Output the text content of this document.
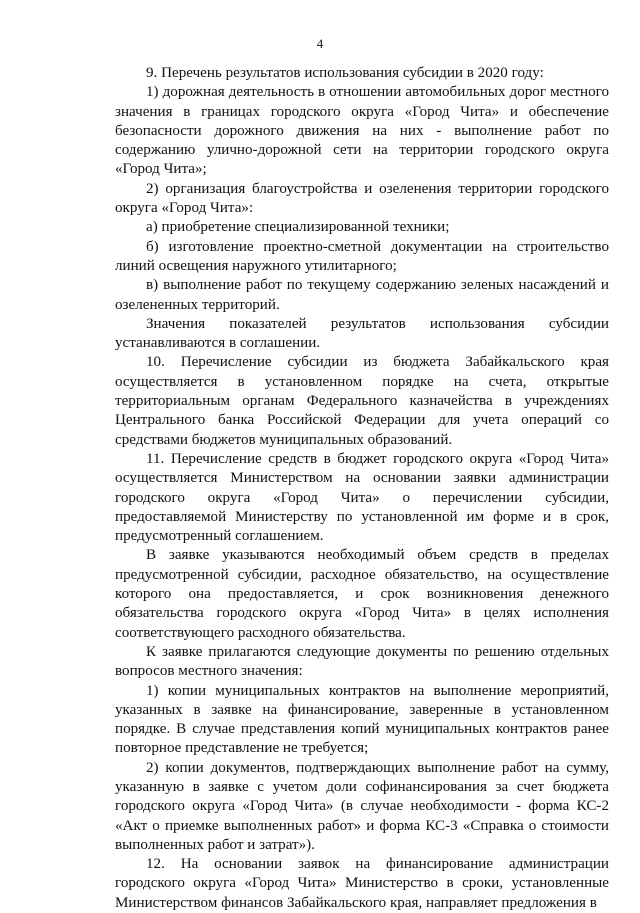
4

9. Перечень результатов использования субсидии в 2020 году:

1) дорожная деятельность в отношении автомобильных дорог местного значения в границах городского округа «Город Чита» и обеспечение безопасности дорожного движения на них - выполнение работ по содержанию улично-дорожной сети на территории городского округа «Город Чита»;

2) организация благоустройства и озеленения территории городского округа «Город Чита»:

а) приобретение специализированной техники;

б) изготовление проектно-сметной документации на строительство линий освещения наружного утилитарного;

в) выполнение работ по текущему содержанию зеленых насаждений и озелененных территорий.

Значения показателей результатов использования субсидии устанавливаются в соглашении.

10. Перечисление субсидии из бюджета Забайкальского края осуществляется в установленном порядке на счета, открытые территориальным органам Федерального казначейства в учреждениях Центрального банка Российской Федерации для учета операций со средствами бюджетов муниципальных образований.

11. Перечисление средств в бюджет городского округа «Город Чита» осуществляется Министерством на основании заявки администрации городского округа «Город Чита» о перечислении субсидии, предоставляемой Министерству по установленной им форме и в срок, предусмотренный соглашением.

В заявке указываются необходимый объем средств в пределах предусмотренной субсидии, расходное обязательство, на осуществление которого она предоставляется, и срок возникновения денежного обязательства городского округа «Город Чита» в целях исполнения соответствующего расходного обязательства.

К заявке прилагаются следующие документы по решению отдельных вопросов местного значения:

1) копии муниципальных контрактов на выполнение мероприятий, указанных в заявке на финансирование, заверенные в установленном порядке. В случае представления копий муниципальных контрактов ранее повторное представление не требуется;

2) копии документов, подтверждающих выполнение работ на сумму, указанную в заявке с учетом доли софинансирования за счет бюджета городского округа «Город Чита» (в случае необходимости - форма КС-2 «Акт о приемке выполненных работ» и форма КС-3 «Справка о стоимости выполненных работ и затрат»).

12. На основании заявок на финансирование администрации городского округа «Город Чита» Министерство в сроки, установленные Министерством финансов Забайкальского края, направляет предложения в
